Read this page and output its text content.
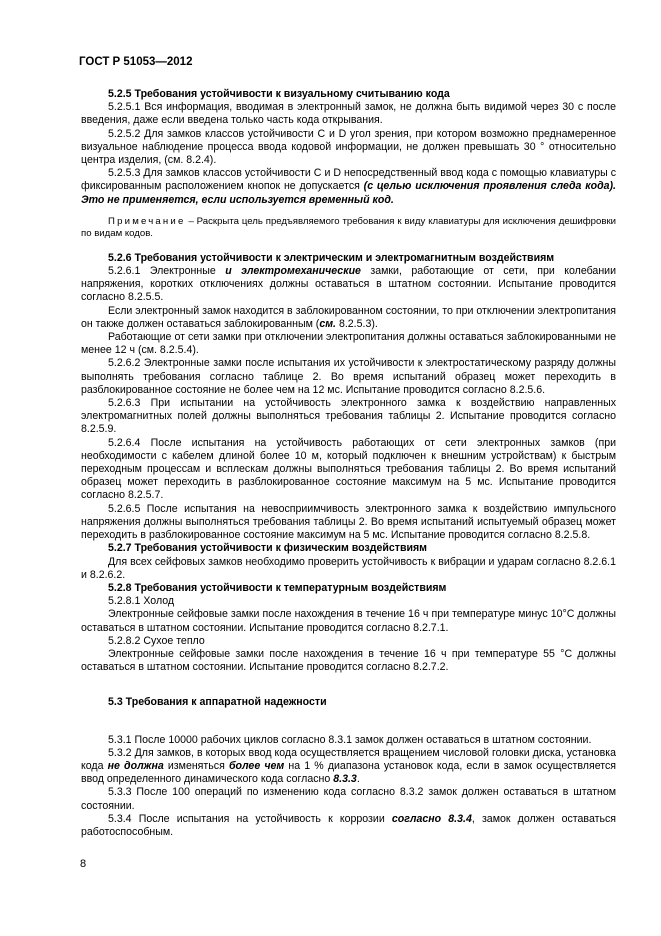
ГОСТ Р 51053—2012

5.2.5 Требования устойчивости к визуальному считыванию кода

5.2.5.1 Вся информация, вводимая в электронный замок, не должна быть видимой через 30 с после введения, даже если введена только часть кода открывания.

5.2.5.2 Для замков классов устойчивости С и D угол зрения, при котором возможно преднамеренное визуальное наблюдение процесса ввода кодовой информации, не должен превышать 30 ° относительно центра изделия, (см. 8.2.4).

5.2.5.3 Для замков классов устойчивости С и D непосредственный ввод кода с помощью клавиатуры с фиксированным расположением кнопок не допускается (с целью исключения проявления следа кода). Это не применяется, если используется временный код.

Примечание – Раскрыта цель предъявляемого требования к виду клавиатуры для исключения дешифровки по видам кодов.

5.2.6 Требования устойчивости к электрическим и электромагнитным воздействиям

5.2.6.1 Электронные и электромеханические замки, работающие от сети, при колебании напряжения, коротких отключениях должны оставаться в штатном состоянии. Испытание проводится согласно 8.2.5.5.

Если электронный замок находится в заблокированном состоянии, то при отключении электропитания он также должен оставаться заблокированным (см. 8.2.5.3).

Работающие от сети замки при отключении электропитания должны оставаться заблокированными не менее 12 ч (см. 8.2.5.4).

5.2.6.2 Электронные замки после испытания их устойчивости к электростатическому разряду должны выполнять требования согласно таблице 2. Во время испытаний образец может переходить в разблокированное состояние не более чем на 12 мс. Испытание проводится согласно 8.2.5.6.

5.2.6.3 При испытании на устойчивость электронного замка к воздействию направленных электромагнитных полей должны выполняться требования таблицы 2. Испытание проводится согласно 8.2.5.9.

5.2.6.4 После испытания на устойчивость работающих от сети электронных замков (при необходимости с кабелем длиной более 10 м, который подключен к внешним устройствам) к быстрым переходным процессам и всплескам должны выполняться требования таблицы 2. Во время испытаний образец может переходить в разблокированное состояние максимум на 5 мс. Испытание проводится согласно 8.2.5.7.

5.2.6.5 После испытания на невосприимчивость электронного замка к воздействию импульсного напряжения должны выполняться требования таблицы 2. Во время испытаний испытуемый образец может переходить в разблокированное состояние максимум на 5 мс. Испытание проводится согласно 8.2.5.8.

5.2.7 Требования устойчивости к физическим воздействиям

Для всех сейфовых замков необходимо проверить устойчивость к вибрации и ударам согласно 8.2.6.1 и 8.2.6.2.

5.2.8 Требования устойчивости к температурным воздействиям

5.2.8.1 Холод

Электронные сейфовые замки после нахождения в течение 16 ч при температуре минус 10°C должны оставаться в штатном состоянии. Испытание проводится согласно 8.2.7.1.

5.2.8.2 Сухое тепло

Электронные сейфовые замки после нахождения в течение 16 ч при температуре 55 °C должны оставаться в штатном состоянии. Испытание проводится согласно 8.2.7.2.

5.3 Требования к аппаратной надежности

5.3.1 После 10000 рабочих циклов согласно 8.3.1 замок должен оставаться в штатном состоянии.

5.3.2 Для замков, в которых ввод кода осуществляется вращением числовой головки диска, установка кода не должна изменяться более чем на 1 % диапазона установок кода, если в замок осуществляется ввод определенного динамического кода согласно 8.3.3.

5.3.3 После 100 операций по изменению кода согласно 8.3.2 замок должен оставаться в штатном состоянии.

5.3.4 После испытания на устойчивость к коррозии согласно 8.3.4, замок должен оставаться работоспособным.

8
